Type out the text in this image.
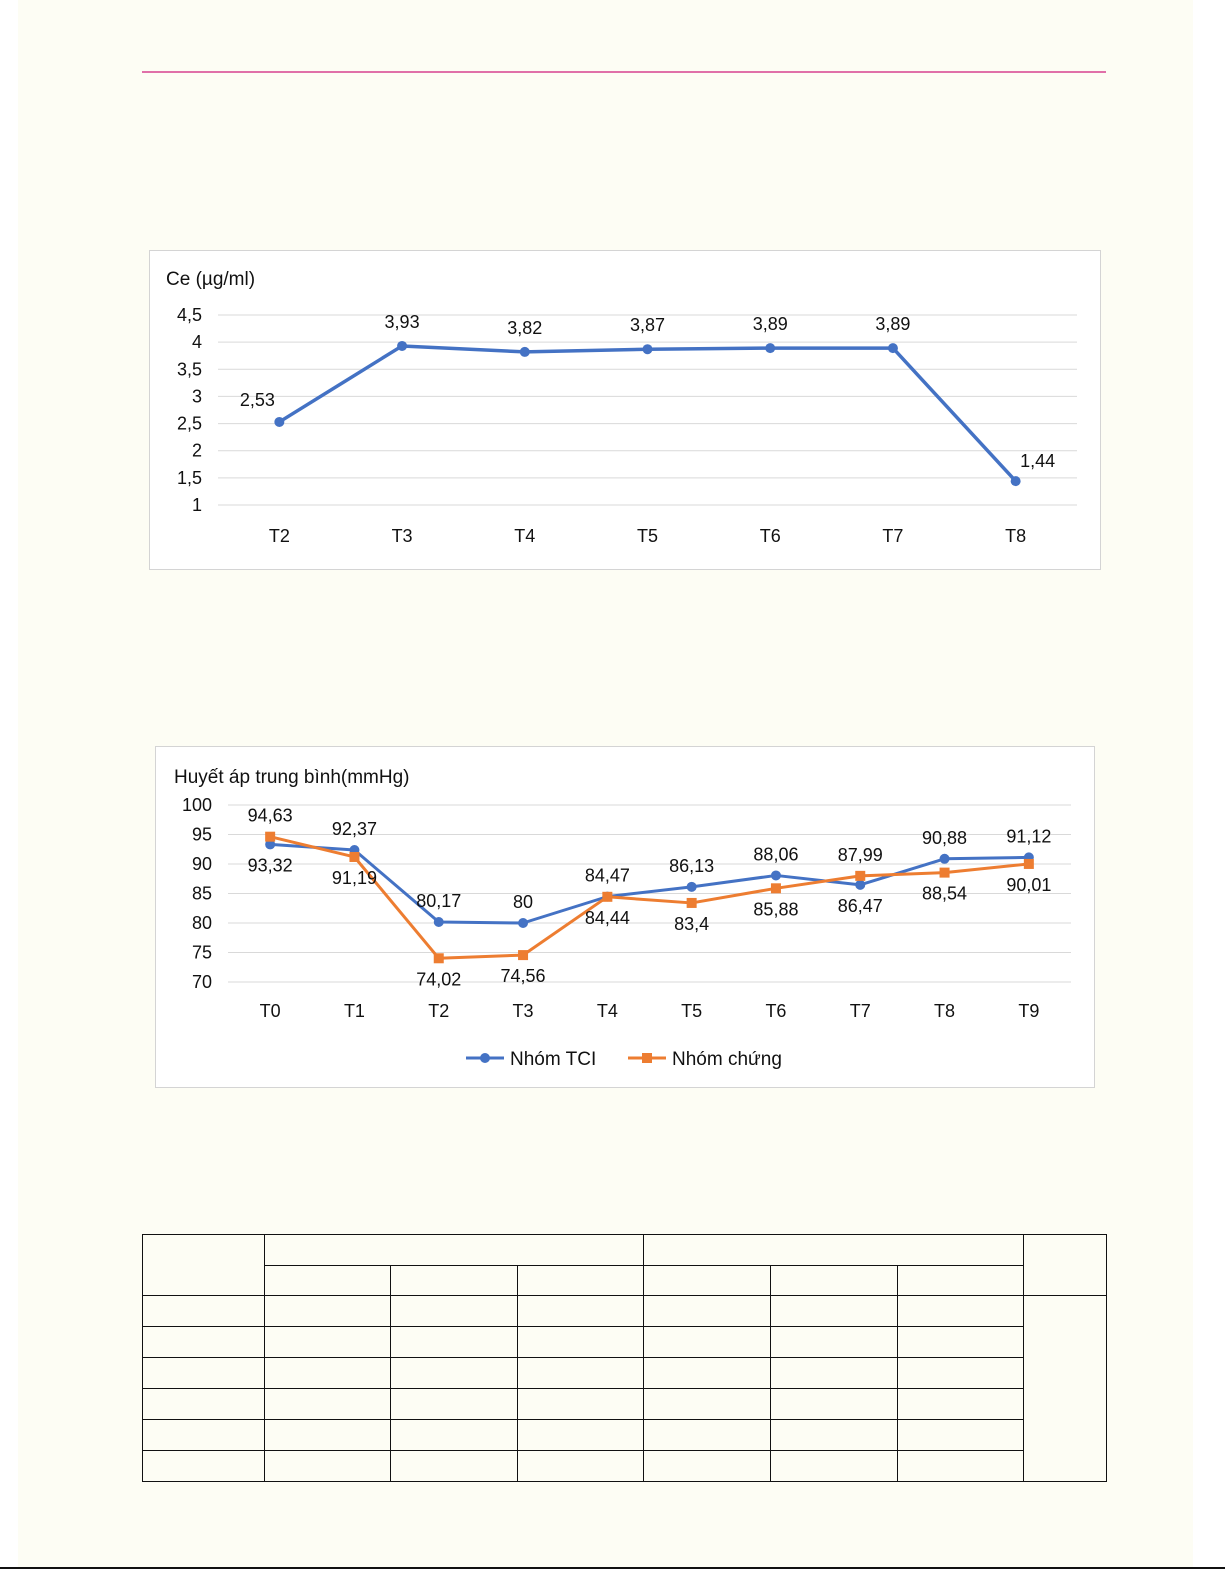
Ce (µg/ml)
1
1,5
2
2,5
3
3,5
4
4,5
T2	T3	T4	T5	T6	T7	T8
2,53
3,93	3,82	3,87	3,89	3,89
1,44
Huyết áp trung bình(mmHg)
70
75
80
85
90
95
100
T0	T1	T2	T3	T4	T5	T6	T7	T8	T9
93,32
92,37
80,17	80
84,47 86,13
88,06
86,47
90,88 91,12
94,63
91,19
74,02 74,56
84,44 83,4
85,88
87,99
88,54 90,01
Nhóm TCI	Nhóm chứng
